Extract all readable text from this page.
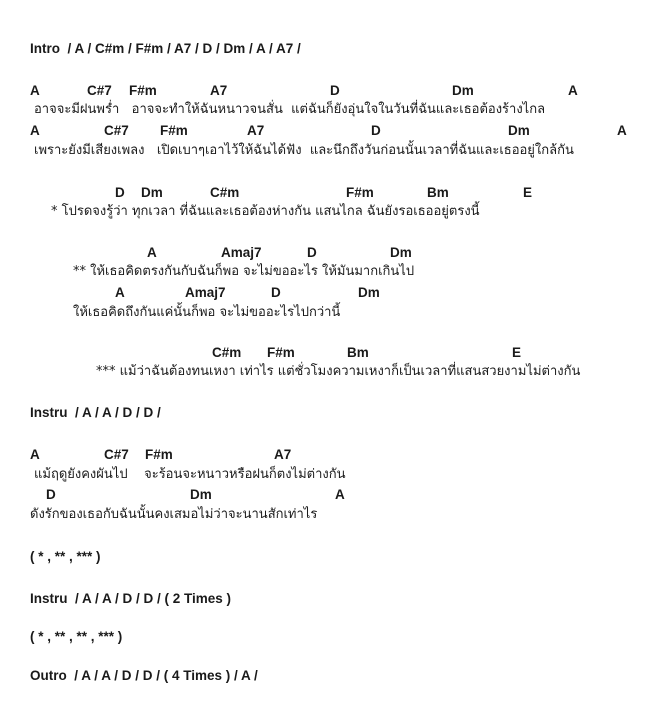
Intro  / A / C#m / F#m / A7 / D / Dm / A / A7 /
A	C#7 F#m	A7	D	Dm	A
อาจจะมีฝนพร่ำ   อาจจะทำให้ฉันหนาวจนสั่น  แต่ฉันก็ยังอุ่นใจในวันที่ฉันและเธอต้องร้างไกล
A	C#7 F#m	A7	D	Dm	A
เพราะยังมีเสียงเพลง   เปิดเบาๆเอาไว้ให้ฉันได้ฟัง  และนึกถึงวันก่อนนั้นเวลาที่ฉันและเธออยู่ใกล้กัน
D Dm	C#m	F#m	Bm	E
* โปรดจงรู้ว่า ทุกเวลา ที่ฉันและเธอต้องห่างกัน แสนไกล ฉันยังรอเธออยู่ตรงนี้
A	Amaj7	D	Dm
** ให้เธอคิดตรงกันกับฉันก็พอ จะไม่ขออะไร ให้มันมากเกินไป
A	Amaj7	D	Dm
ให้เธอคิดถึงกันแค่นั้นก็พอ จะไม่ขออะไรไปกว่านี้
C#m F#m	Bm	E
*** แม้ว่าฉันต้องทนเหงา เท่าไร แต่ชั่วโมงความเหงาก็เป็นเวลาที่แสนสวยงามไม่ต่างกัน
Instru  / A / A / D / D /
A	C#7 F#m	A7
แม้ฤดูยังคงผันไป    จะร้อนจะหนาวหรือฝนก็ตงไม่ต่างกัน
D	Dm	A
ดังรักของเธอกับฉันนั้นคงเสมอไม่ว่าจะนานสักเท่าไร
( * , ** , *** )
Instru  / A / A / D / D / ( 2 Times )
( * , ** , ** , *** )
Outro  / A / A / D / D / ( 4 Times ) / A /
